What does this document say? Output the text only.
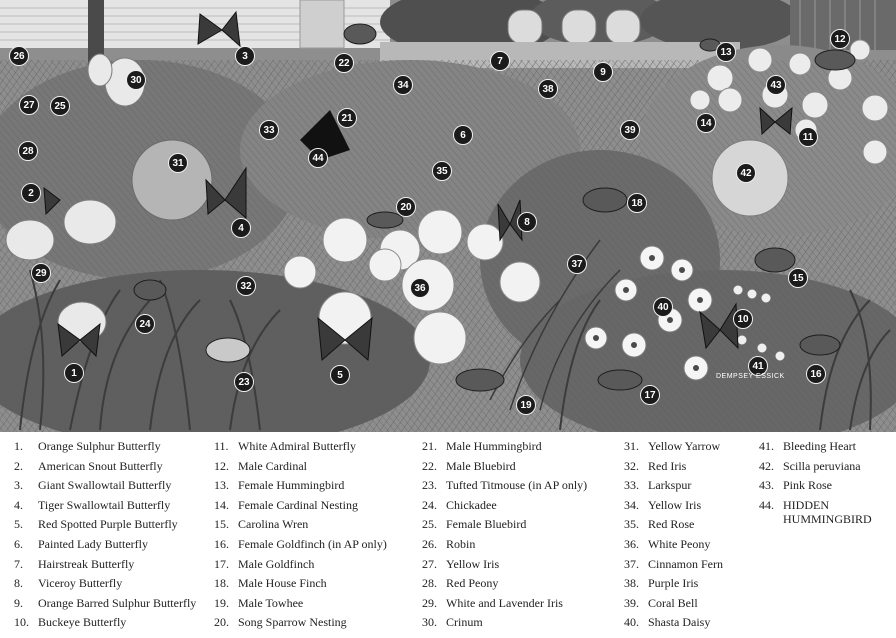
1
2
3
4
5
6
7
8
9
10
11
12
13
14
15
16
17
18
19
20
21
22
23
24
25
26
27
28
29
30
31
32
33
34
35
36
37
38
39
40
41
42
43
44
DEMPSEY ESSICK
1. Orange Sulphur Butterfly
2. American Snout Butterfly
3. Giant Swallowtail Butterfly
4. Tiger Swallowtail Butterfly
5. Red Spotted Purple Butterfly
6. Painted Lady Butterfly
7. Hairstreak Butterfly
8. Viceroy Butterfly
9. Orange Barred Sulphur Butterfly
10. Buckeye Butterfly
11. White Admiral Butterfly
12. Male Cardinal
13. Female Hummingbird
14. Female Cardinal Nesting
15. Carolina Wren
16. Female Goldfinch (in AP only)
17. Male Goldfinch
18. Male House Finch
19. Male Towhee
20. Song Sparrow Nesting
21. Male Hummingbird
22. Male Bluebird
23. Tufted Titmouse (in AP only)
24. Chickadee
25. Female Bluebird
26. Robin
27. Yellow Iris
28. Red Peony
29. White and Lavender Iris
30. Crinum
31. Yellow Yarrow
32. Red Iris
33. Larkspur
34. Yellow Iris
35. Red Rose
36. White Peony
37. Cinnamon Fern
38. Purple Iris
39. Coral Bell
40. Shasta Daisy
41. Bleeding Heart
42. Scilla peruviana
43. Pink Rose
44. HIDDEN HUMMINGBIRD
